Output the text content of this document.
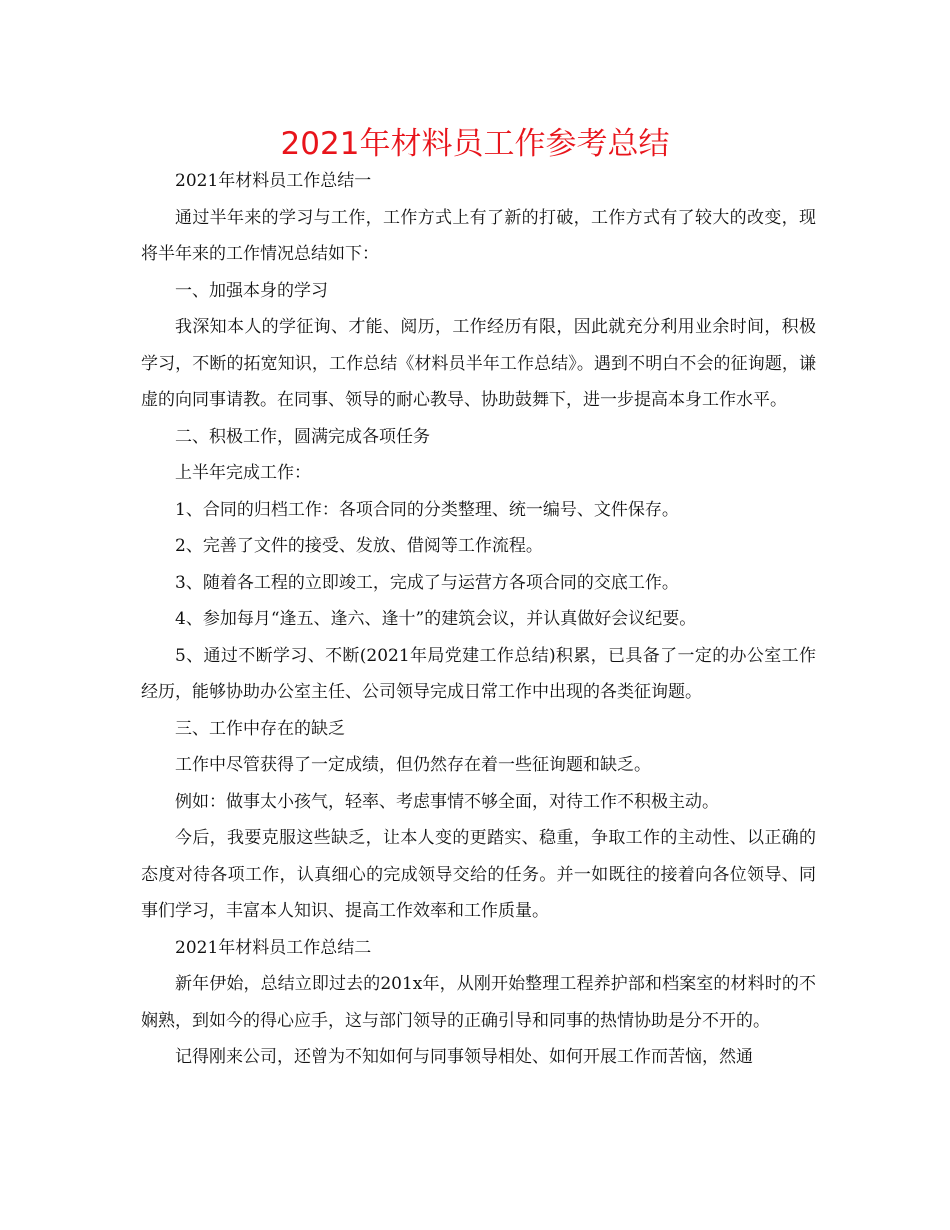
2021年材料员工作参考总结

2021年材料员工作总结一

通过半年来的学习与工作，工作方式上有了新的打破，工作方式有了较大的改变，现将半年来的工作情况总结如下：

一、加强本身的学习

我深知本人的学征询、才能、阅历，工作经历有限，因此就充分利用业余时间，积极学习，不断的拓宽知识，工作总结《材料员半年工作总结》。遇到不明白不会的征询题，谦虚的向同事请教。在同事、领导的耐心教导、协助鼓舞下，进一步提高本身工作水平。

二、积极工作，圆满完成各项任务

上半年完成工作：

1、合同的归档工作：各项合同的分类整理、统一编号、文件保存。

2、完善了文件的接受、发放、借阅等工作流程。

3、随着各工程的立即竣工，完成了与运营方各项合同的交底工作。

4、参加每月“逢五、逢六、逢十”的建筑会议，并认真做好会议纪要。

5、通过不断学习、不断(2021年局党建工作总结)积累，已具备了一定的办公室工作经历，能够协助办公室主任、公司领导完成日常工作中出现的各类征询题。

三、工作中存在的缺乏

工作中尽管获得了一定成绩，但仍然存在着一些征询题和缺乏。

例如：做事太小孩气，轻率、考虑事情不够全面，对待工作不积极主动。

今后，我要克服这些缺乏，让本人变的更踏实、稳重，争取工作的主动性、以正确的态度对待各项工作，认真细心的完成领导交给的任务。并一如既往的接着向各位领导、同事们学习，丰富本人知识、提高工作效率和工作质量。

2021年材料员工作总结二

新年伊始，总结立即过去的201x年，从刚开始整理工程养护部和档案室的材料时的不娴熟，到如今的得心应手，这与部门领导的正确引导和同事的热情协助是分不开的。

记得刚来公司，还曾为不知如何与同事领导相处、如何开展工作而苦恼，然通
